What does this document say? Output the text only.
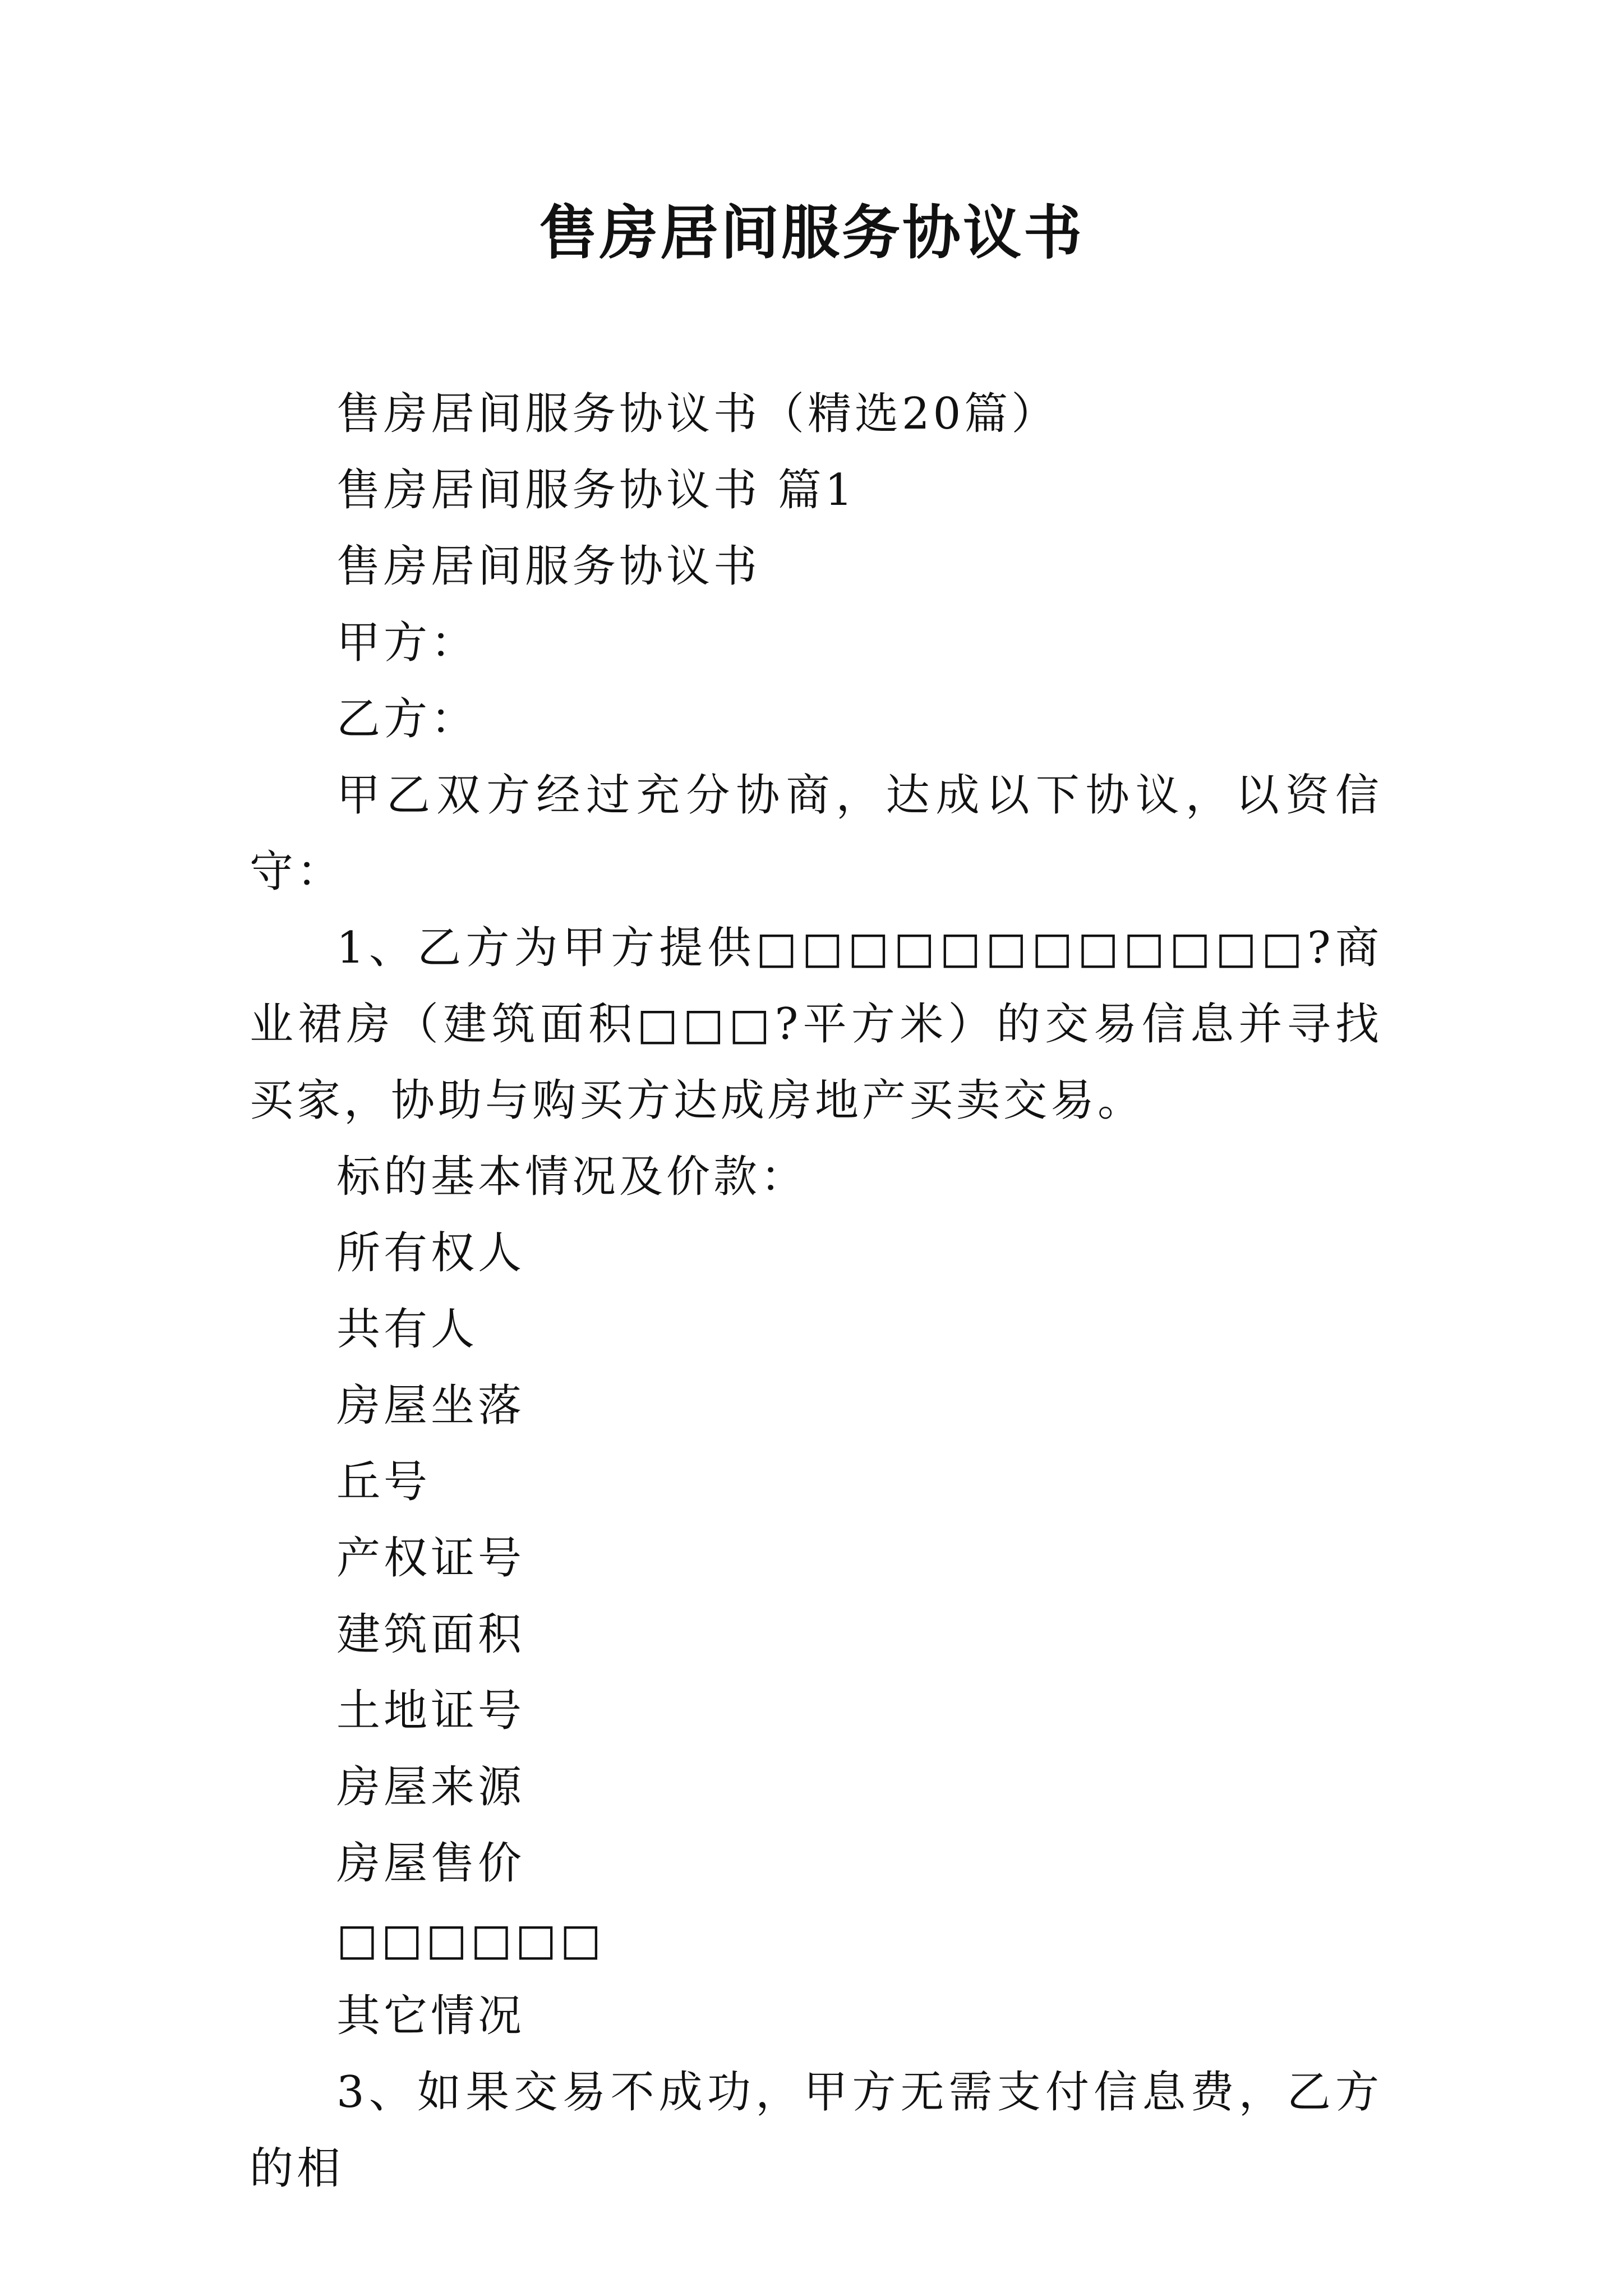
售房居间服务协议书

售房居间服务协议书（精选20篇）

售房居间服务协议书 篇1

售房居间服务协议书

甲方：

乙方：

甲乙双方经过充分协商，达成以下协议，以资信守：

1、乙方为甲方提供□□□□□□□□□□□□?商业裙房（建筑面积□□□?平方米）的交易信息并寻找买家，协助与购买方达成房地产买卖交易。

标的基本情况及价款：

所有权人

共有人

房屋坐落

丘号

产权证号

建筑面积

土地证号

房屋来源

房屋售价

□□□□□□

其它情况

3、如果交易不成功，甲方无需支付信息费，乙方的相
